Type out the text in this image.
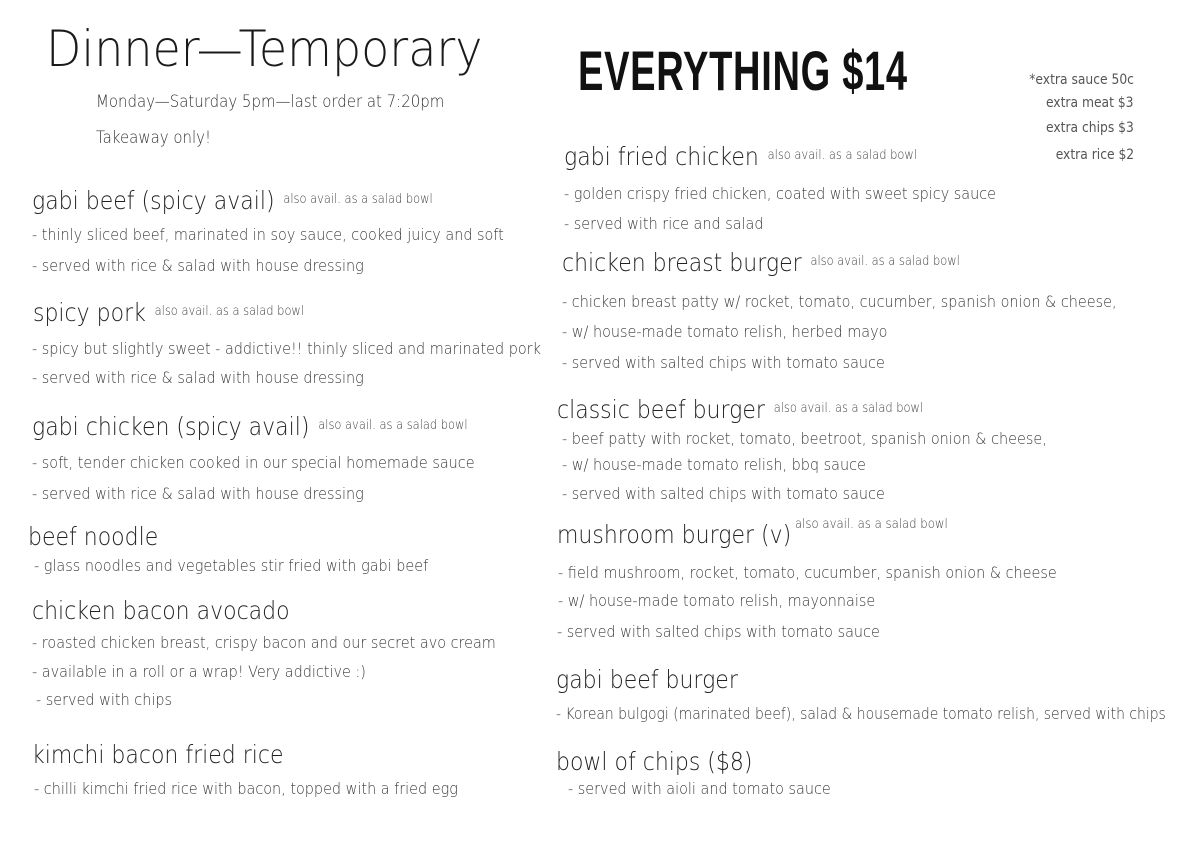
Dinner—Temporary
Monday—Saturday 5pm—last order at 7:20pm
Takeaway only!
EVERYTHING $14	*extra sauce 50c
extra meat $3
extra chips $3
extra rice $2
gabi beef (spicy avail) $^{also avail. as a salad bowl}$
- thinly sliced beef, marinated in soy sauce, cooked juicy and soft
- served with rice & salad with house dressing
spicy pork $^{also avail. as a salad bowl}$
- spicy but slightly sweet - addictive!! thinly sliced and marinated pork
- served with rice & salad with house dressing
gabi chicken (spicy avail) $^{also avail. as a salad bowl}$
- soft, tender chicken cooked in our special homemade sauce
- served with rice & salad with house dressing
beef noodle
- glass noodles and vegetables stir fried with gabi beef
chicken bacon avocado
- roasted chicken breast, crispy bacon and our secret avo cream
- available in a roll or a wrap! Very addictive :)
- served with chips
kimchi bacon fried rice
- chilli kimchi fried rice with bacon, topped with a fried egg
gabi fried chicken $^{also avail. as a salad bowl}$
- golden crispy fried chicken, coated with sweet spicy sauce
- served with rice and salad
chicken breast burger $^{also avail. as a salad bowl}$
- chicken breast patty w/ rocket, tomato, cucumber, spanish onion & cheese,
- w/ house-made tomato relish, herbed mayo
- served with salted chips with tomato sauce
classic beef burger $^{also avail. as a salad bowl}$
- beef patty with rocket, tomato, beetroot, spanish onion & cheese,
- w/ house-made tomato relish, bbq sauce
- served with salted chips with tomato sauce
mushroom burger (v) also avail. as a salad bowl
- field mushroom, rocket, tomato, cucumber, spanish onion & cheese
- w/ house-made tomato relish, mayonnaise
- served with salted chips with tomato sauce
gabi beef burger
- Korean bulgogi (marinated beef), salad & housemade tomato relish, served with chips
bowl of chips ($8)
- served with aioli and tomato sauce
